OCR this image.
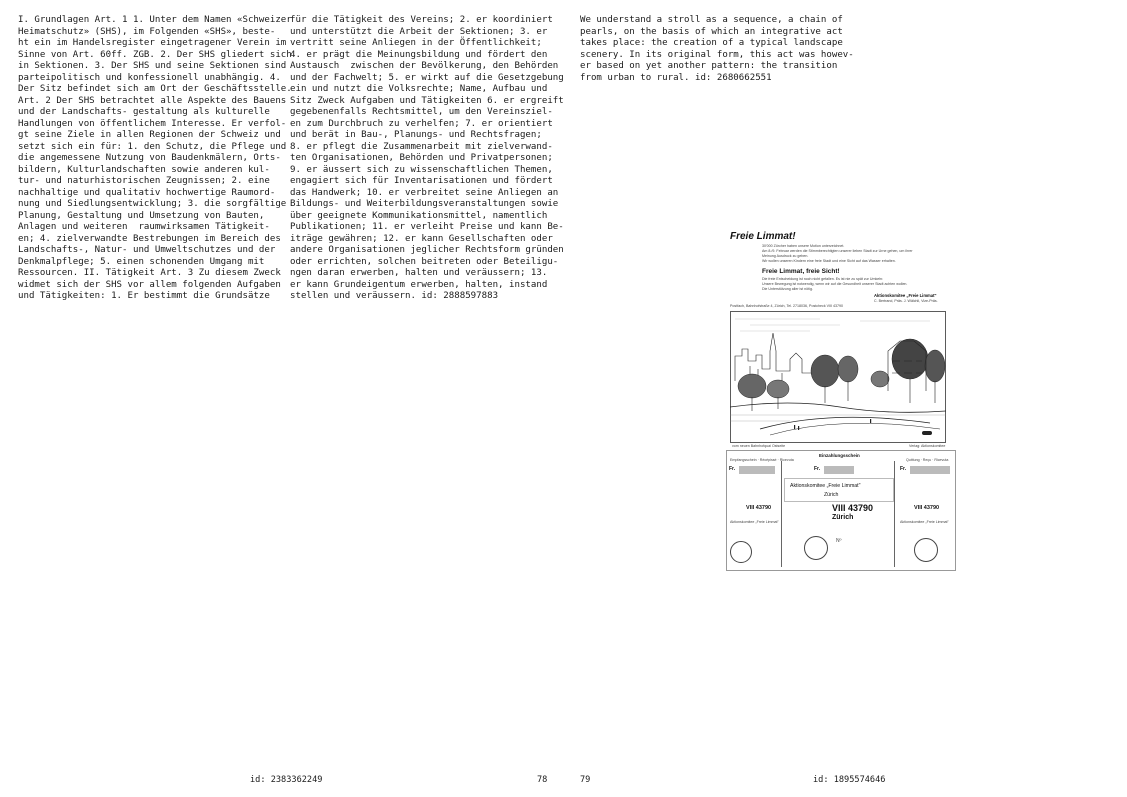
I. Grundlagen Art. 1 1. Unter dem Namen «Schweizer
Heimatschutz» (SHS), im Folgenden «SHS», beste-
ht ein im Handelsregister eingetragener Verein im
Sinne von Art. 60ff. ZGB. 2. Der SHS gliedert sich
in Sektionen. 3. Der SHS und seine Sektionen sind
parteipolitisch und konfessionell unabhängig. 4.
Der Sitz befindet sich am Ort der Geschäftsstelle.
Art. 2 Der SHS betrachtet alle Aspekte des Bauens
und der Landschafts- gestaltung als kulturelle
Handlungen von öffentlichem Interesse. Er verfol-
gt seine Ziele in allen Regionen der Schweiz und
setzt sich ein für: 1. den Schutz, die Pflege und
die angemessene Nutzung von Baudenkmälern, Orts-
bildern, Kulturlandschaften sowie anderen kul-
tur- und naturhistorischen Zeugnissen; 2. eine
nachhaltige und qualitativ hochwertige Raumord-
nung und Siedlungsentwicklung; 3. die sorgfältige
Planung, Gestaltung und Umsetzung von Bauten,
Anlagen und weiteren  raumwirksamen Tätigkeit-
en; 4. zielverwandte Bestrebungen im Bereich des
Landschafts-, Natur- und Umweltschutzes und der
Denkmalpflege; 5. einen schonenden Umgang mit
Ressourcen. II. Tätigkeit Art. 3 Zu diesem Zweck
widmet sich der SHS vor allem folgenden Aufgaben
und Tätigkeiten: 1. Er bestimmt die Grundsätze
für die Tätigkeit des Vereins; 2. er koordiniert
und unterstützt die Arbeit der Sektionen; 3. er
vertritt seine Anliegen in der Öffentlichkeit;
4. er prägt die Meinungsbildung und fördert den
Austausch  zwischen der Bevölkerung, den Behörden
und der Fachwelt; 5. er wirkt auf die Gesetzgebung
ein und nutzt die Volksrechte; Name, Aufbau und
Sitz Zweck Aufgaben und Tätigkeiten 6. er ergreift
gegebenenfalls Rechtsmittel, um den Vereinsziel-
en zum Durchbruch zu verhelfen; 7. er orientiert
und berät in Bau-, Planungs- und Rechtsfragen;
8. er pflegt die Zusammenarbeit mit zielverwand-
ten Organisationen, Behörden und Privatpersonen;
9. er äussert sich zu wissenschaftlichen Themen,
engagiert sich für Inventarisationen und fördert
das Handwerk; 10. er verbreitet seine Anliegen an
Bildungs- und Weiterbildungsveranstaltungen sowie
über geeignete Kommunikationsmittel, namentlich
Publikationen; 11. er verleiht Preise und kann Be-
iträge gewähren; 12. er kann Gesellschaften oder
andere Organisationen jeglicher Rechtsform gründen
oder errichten, solchen beitreten oder Beteiligu-
ngen daran erwerben, halten und veräussern; 13.
er kann Grundeigentum erwerben, halten, instand
stellen und veräussern. id: 2888597883
We understand a stroll as a sequence, a chain of
pearls, on the basis of which an integrative act
takes place: the creation of a typical landscape
scenery. In its original form, this act was howev-
er based on yet another pattern: the transition
from urban to rural. id: 2680662551
Freie Limmat!
30'000 Zürcher haben unsere Motion unterzeichnet.
Am 8./9. Februar werden die Stimmberechtigten unserer lieben Stadt zur Urne gehen, um ihrer
Meinung Ausdruck zu geben.
Wir wollen unseren Kindern eine freie Stadt und eine Sicht auf das Wasser erhalten.
Freie Limmat, freie Sicht!
Die freie Entscheidung ist noch nicht gefallen. Es ist nie zu spät zur Umkehr.
Unsere Bewegung ist notwendig, wenn wir auf die Gesundheit unserer Stadt achten wollen.
Die Unterstützung aller ist nötig.
Aktionskomitee „Freie Limmat"
C. Bertrand, Präs. J. Wälchli, Vize-Präs.
Postfach, Bahnhofstraße 4, Zürich, Tel. 2718036, Postcheck VIII 43790
vom neuen Bahnhofquai Ostseite	Verlag: Aktionskomitee
Einzahlungsschein
Empfangsschein · Récépissé · Ricevuta	Quittung · Reçu · Ricevuta
Fr.	Fr.	Fr.
Aktionskomitee „Freie Limmat"
Zürich
VIII 43790	VIII 43790
Zürich
VIII 43790
Aktionskomitee „Freie Limmat"	Aktionskomitee „Freie Limmat"
Nº
id: 2383362249	78	79	id: 1895574646
